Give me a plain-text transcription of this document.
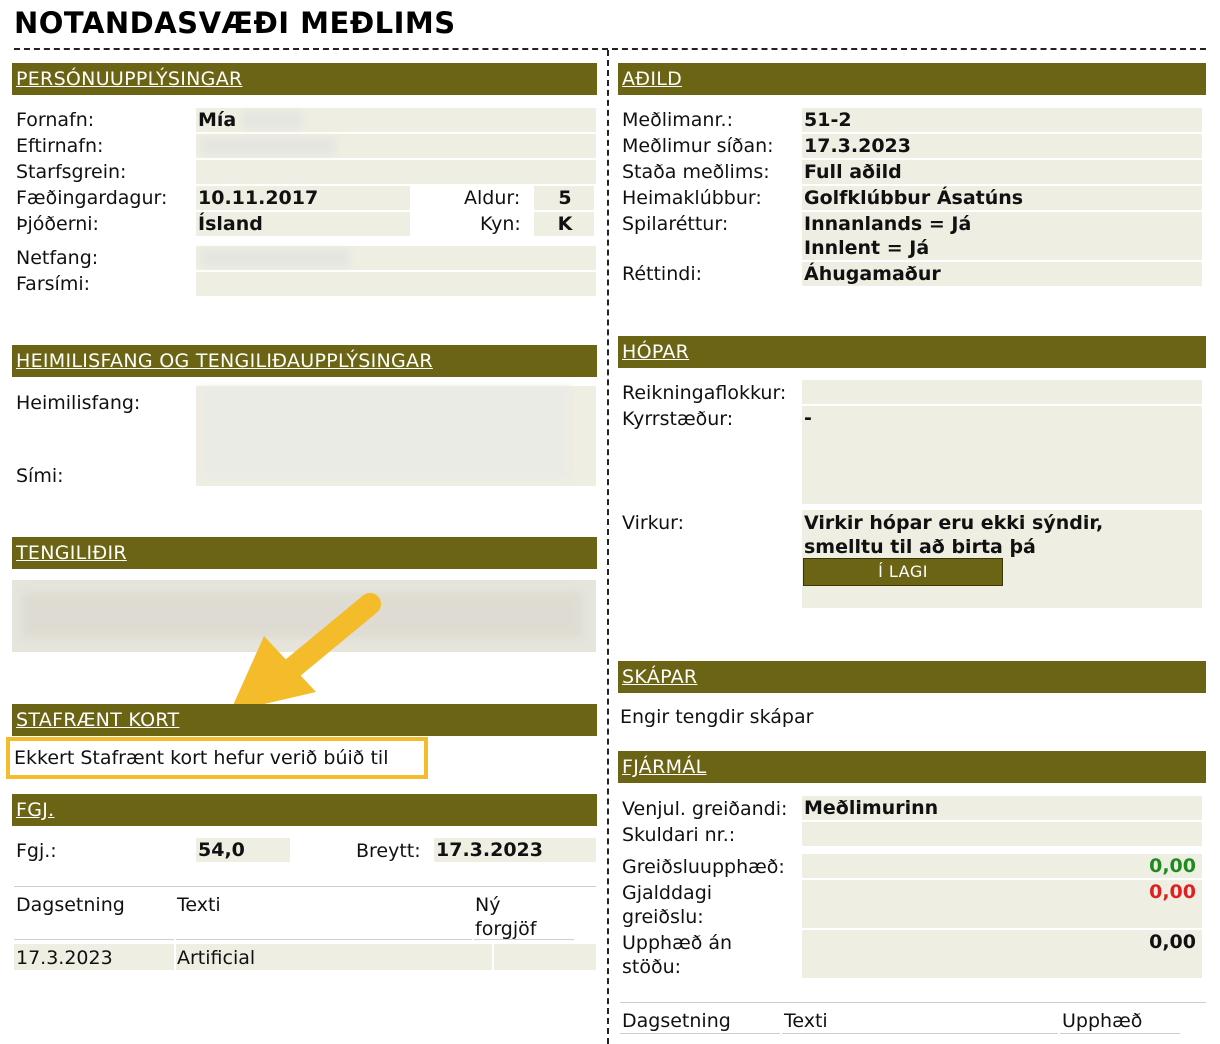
NOTANDASVÆÐI MEÐLIMS
PERSÓNUUPPLÝSINGAR
Fornafn:	Mía
Eftirnafn:
Starfsgrein:
Fæðingardagur: 10.11.2017	Aldur:	5
Þjóðerni:	Ísland	Kyn:	K
Netfang:
Farsími:
HEIMILISFANG OG TENGILIÐAUPPLÝSINGAR
Heimilisfang:
Sími:
TENGILIÐIR
STAFRÆNT KORT
Ekkert Stafrænt kort hefur verið búið til
FGJ.
Fgj.:	54,0	Breytt: 17.3.2023
Dagsetning	Texti	Ný forgjöf
17.3.2023	Artificial
AÐILD
Meðlimanr.:	51-2
Meðlimur síðan: 17.3.2023
Staða meðlims: Full aðild
Heimaklúbbur: Golfklúbbur Ásatúns
Spilaréttur:	Innanlands = Já
Innlent = Já
Réttindi:	Áhugamaður
HÓPAR
Reikningaflokkur:
Kyrrstæður:	-
Virkur:	Virkir hópar eru ekki sýndir, smelltu til að birta þá
Í LAGI
SKÁPAR
Engir tengdir skápar
FJÁRMÁL
Venjul. greiðandi: Meðlimurinn
Skuldari nr.:
Greiðsluupphæð:	0,00
Gjalddagi greiðslu:
0,00
Upphæð án stöðu:
0,00
Dagsetning	Texti	Upphæð
